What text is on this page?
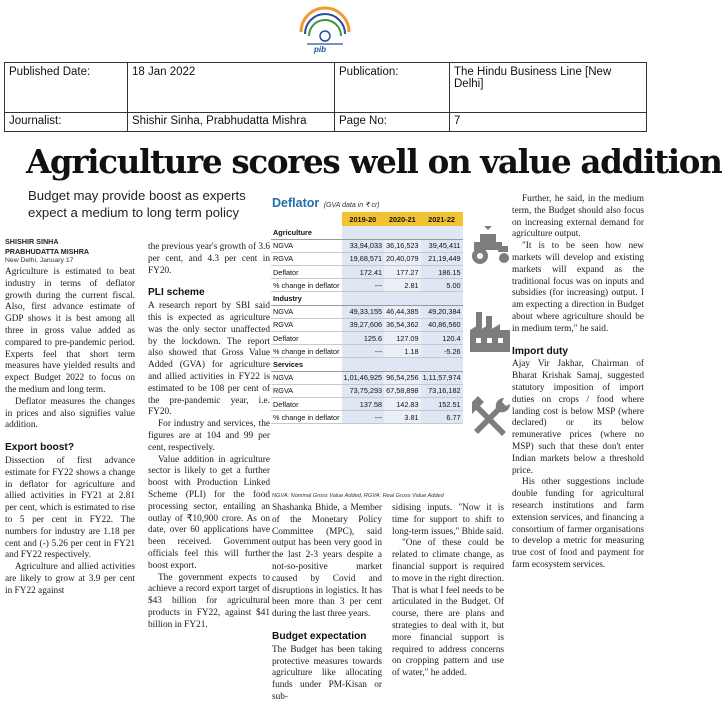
pib
Published Date:	18 Jan 2022	Publication:	The Hindu Business Line [New
Delhi]

Journalist:	Shishir Sinha, Prabhudatta Mishra	Page No:	7
Agriculture scores well on value addition
Budget may provide boost as experts expect a medium to long term policy
SHISHIR SINHA
PRABHUDATTA MISHRA
New Delhi, January 17

Agriculture is estimated to beat industry in terms of deflator growth during the current fiscal. Also, first advance estimate of GDP shows it is best among all three in gross value added as compared to pre-pandemic period. Experts feel that short term measures have yielded results and expect Budget 2022 to focus on the medium and long term.

Deflator measures the changes in prices and also signifies value addition.

Export boost?

Dissection of first advance estimate for FY22 shows a change in deflator for agriculture and allied activities in FY21 at 2.81 per cent, which is estimated to rise to 5 per cent in FY22. The numbers for industry are 1.18 per cent and (-) 5.26 per cent in FY21 and FY22 respectively.

Agriculture and allied activities are likely to grow at 3.9 per cent in FY22 against

the previous year's growth of 3.6 per cent, and 4.3 per cent in FY20.

PLI scheme

A research report by SBI said this is expected as agriculture was the only sector unaffected by the lockdown. The report also showed that Gross Value Added (GVA) for agriculture and allied activities in FY22 is estimated to be 108 per cent of the pre-pandemic year, i.e. FY20.

For industry and services, the figures are at 104 and 99 per cent, respectively.

Value addition in agriculture sector is likely to get a further boost with Production Linked Scheme (PLI) for the food processing sector, entailing an outlay of ₹10,900 crore. As on date, over 60 applications have been received. Government officials feel this will further boost export.

The government expects to achieve a record export target of $43 billion for agricultural products in FY22, against $41 billion in FY21.

Deflator (GVA data in ₹ cr)
	2019-20	2020-21	2021-22
Agriculture			
NGVA	33,94,033	36,16,523	39,45,411
RGVA	19,68,571	20,40,079	21,19,449
Deflator	172.41	177.27	186.15
% change in deflator	---	2.81	5.00
Industry			
NGVA	49,33,155	46,44,385	49,20,384
RGVA	39,27,606	36,54,362	40,86,560
Deflator	125.6	127.09	120.4
% change in deflator	---	1.18	-5.26
Services			
NGVA	1,01,46,925	96,54,256	1,11,57,974
RGVA	73,75,293	67,58,898	73,16,182
Deflator	137.58	142.83	152.51
% change in deflator	---	3.81	6.77
NGVA: Nominal Gross Value Added, RGVA: Real Gross Value Added

Shashanka Bhide, a Member of the Monetary Policy Committee (MPC), said output has been very good in the last 2-3 years despite a not-so-positive market caused by Covid and disruptions in logistics. It has been more than 3 per cent during the last three years.

Budget expectation

The Budget has been taking protective measures towards agriculture like allocating funds under PM-Kisan or sub-

sidising inputs. "Now it is time for support to shift to long-term issues," Bhide said.

"One of these could be related to climate change, as financial support is required to move in the right direction. That is what I feel needs to be articulated in the Budget. Of course, there are plans and strategies to deal with it, but more financial support is required to address concerns on cropping pattern and use of water," he added.

Further, he said, in the medium term, the Budget should also focus on increasing external demand for agriculture output.

"It is to be seen how new markets will develop and existing markets will expand as the traditional focus was on inputs and subsidies (for increasing) output. I am expecting a direction in Budget about where agriculture should be in medium term," he said.

Import duty

Ajay Vir Jakhar, Chairman of Bharat Krishak Samaj, suggested statutory imposition of import duties on crops / food where landing cost is below MSP (where declared) or its below remunerative prices (where no MSP) such that these don't enter Indian markets below a threshold price.

His other suggestions include double funding for agricultural research institutions and farm extension services, and financing a consortium of farmer organisations to develop a metric for measuring true cost of food and payment for farm ecosystem services.
